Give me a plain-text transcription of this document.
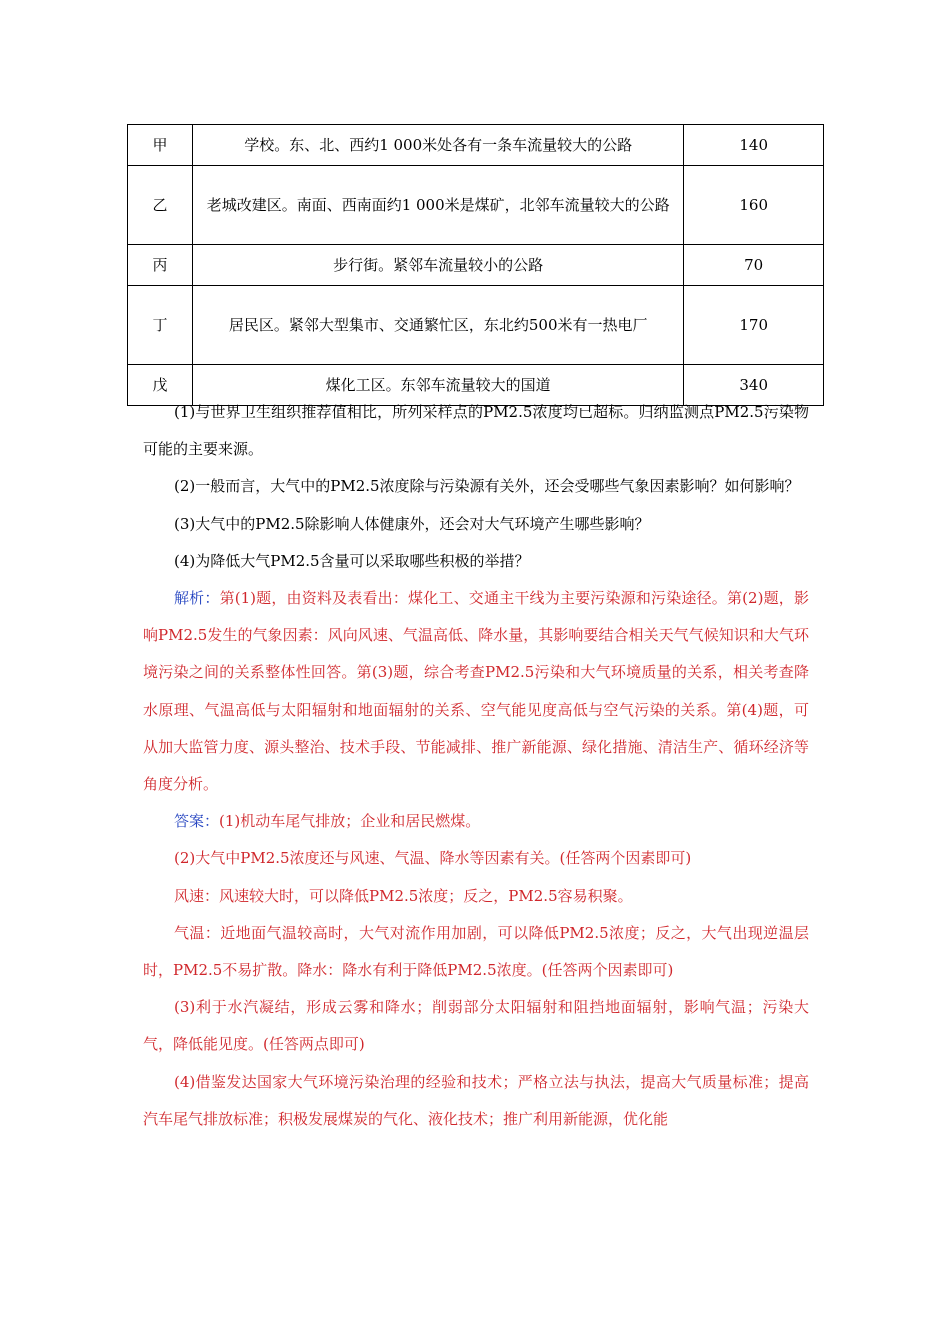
甲	学校。东、北、西约1 000米处各有一条车流量较大的公路	140
乙	老城改建区。南面、西南面约1 000米是煤矿，北邻车流量较大的公路	160
丙	步行街。紧邻车流量较小的公路	70
丁	居民区。紧邻大型集市、交通繁忙区，东北约500米有一热电厂	170
戊	煤化工区。东邻车流量较大的国道	340

(1)与世界卫生组织推荐值相比，所列采样点的PM2.5浓度均已超标。归纳监测点PM2.5污染物可能的主要来源。

(2)一般而言，大气中的PM2.5浓度除与污染源有关外，还会受哪些气象因素影响？如何影响？

(3)大气中的PM2.5除影响人体健康外，还会对大气环境产生哪些影响？

(4)为降低大气PM2.5含量可以采取哪些积极的举措？

解析：第(1)题，由资料及表看出：煤化工、交通主干线为主要污染源和污染途径。第(2)题，影响PM2.5发生的气象因素：风向风速、气温高低、降水量，其影响要结合相关天气气候知识和大气环境污染之间的关系整体性回答。第(3)题，综合考查PM2.5污染和大气环境质量的关系，相关考查降水原理、气温高低与太阳辐射和地面辐射的关系、空气能见度高低与空气污染的关系。第(4)题，可从加大监管力度、源头整治、技术手段、节能减排、推广新能源、绿化措施、清洁生产、循环经济等角度分析。

答案：(1)机动车尾气排放；企业和居民燃煤。

(2)大气中PM2.5浓度还与风速、气温、降水等因素有关。(任答两个因素即可)

风速：风速较大时，可以降低PM2.5浓度；反之，PM2.5容易积聚。

气温：近地面气温较高时，大气对流作用加剧，可以降低PM2.5浓度；反之，大气出现逆温层时，PM2.5不易扩散。降水：降水有利于降低PM2.5浓度。(任答两个因素即可)

(3)利于水汽凝结，形成云雾和降水；削弱部分太阳辐射和阻挡地面辐射，影响气温；污染大气，降低能见度。(任答两点即可)

(4)借鉴发达国家大气环境污染治理的经验和技术；严格立法与执法，提高大气质量标准；提高汽车尾气排放标准；积极发展煤炭的气化、液化技术；推广利用新能源，优化能
